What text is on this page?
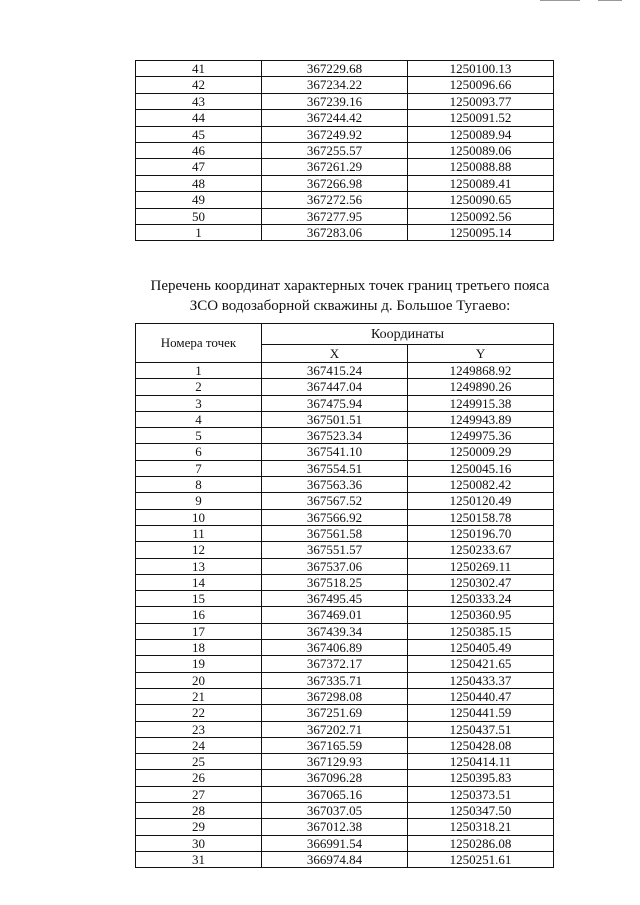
41	367229.68	1250100.13
42	367234.22	1250096.66
43	367239.16	1250093.77
44	367244.42	1250091.52
45	367249.92	1250089.94
46	367255.57	1250089.06
47	367261.29	1250088.88
48	367266.98	1250089.41
49	367272.56	1250090.65
50	367277.95	1250092.56
1	367283.06	1250095.14
Перечень координат характерных точек границ третьего пояса
ЗСО водозаборной скважины д. Большое Тугаево:
Номера точек	Координаты	
	X	Y
1	367415.24	1249868.92
2	367447.04	1249890.26
3	367475.94	1249915.38
4	367501.51	1249943.89
5	367523.34	1249975.36
6	367541.10	1250009.29
7	367554.51	1250045.16
8	367563.36	1250082.42
9	367567.52	1250120.49
10	367566.92	1250158.78
11	367561.58	1250196.70
12	367551.57	1250233.67
13	367537.06	1250269.11
14	367518.25	1250302.47
15	367495.45	1250333.24
16	367469.01	1250360.95
17	367439.34	1250385.15
18	367406.89	1250405.49
19	367372.17	1250421.65
20	367335.71	1250433.37
21	367298.08	1250440.47
22	367251.69	1250441.59
23	367202.71	1250437.51
24	367165.59	1250428.08
25	367129.93	1250414.11
26	367096.28	1250395.83
27	367065.16	1250373.51
28	367037.05	1250347.50
29	367012.38	1250318.21
30	366991.54	1250286.08
31	366974.84	1250251.61
